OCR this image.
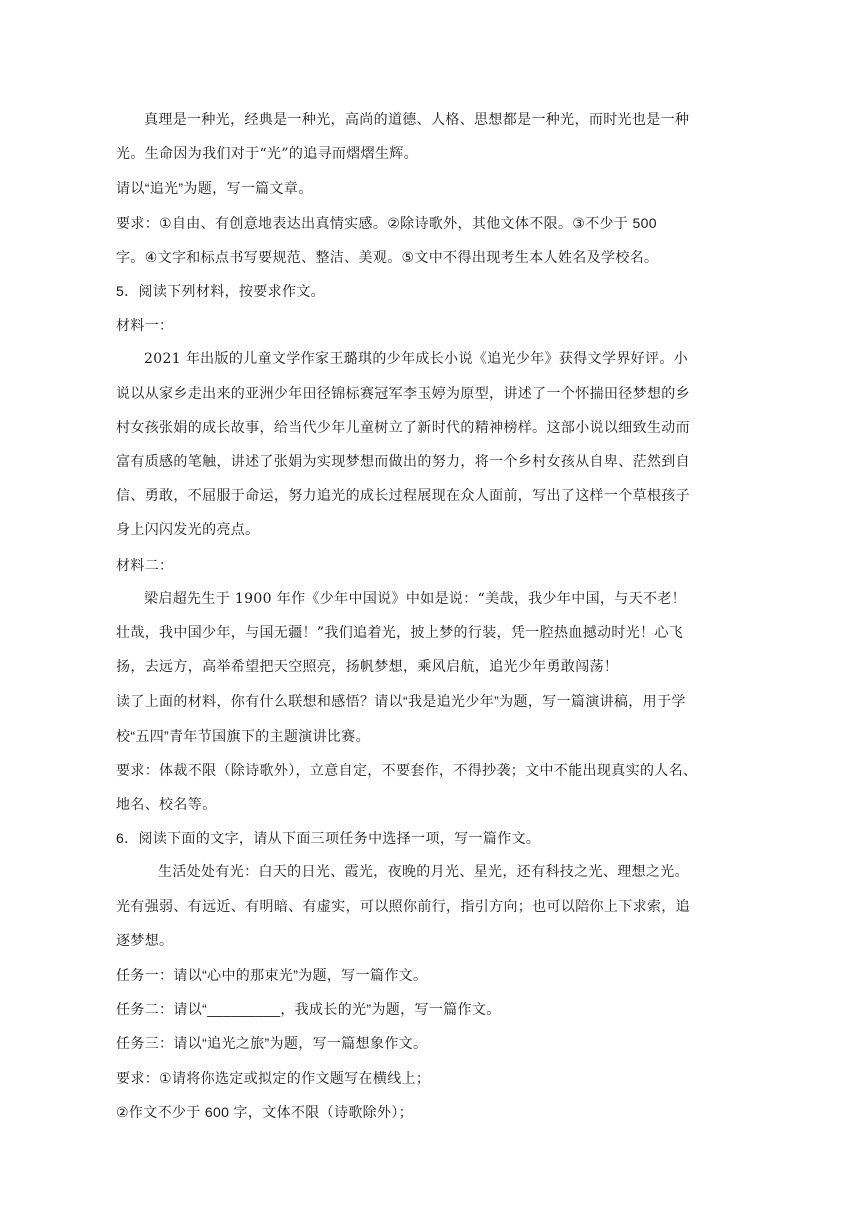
真理是一种光，经典是一种光，高尚的道德、人格、思想都是一种光，而时光也是一种
光。生命因为我们对于“光”的追寻而熠熠生辉。

请以“追光”为题，写一篇文章。

要求：①自由、有创意地表达出真情实感。②除诗歌外，其他文体不限。③不少于 500
字。④文字和标点书写要规范、整洁、美观。⑤文中不得出现考生本人姓名及学校名。

5．阅读下列材料，按要求作文。

材料一：

2021 年出版的儿童文学作家王璐琪的少年成长小说《追光少年》获得文学界好评。小
说以从家乡走出来的亚洲少年田径锦标赛冠军李玉婷为原型，讲述了一个怀揣田径梦想的乡
村女孩张娟的成长故事，给当代少年儿童树立了新时代的精神榜样。这部小说以细致生动而
富有质感的笔触，讲述了张娟为实现梦想而做出的努力，将一个乡村女孩从自卑、茫然到自
信、勇敢，不屈服于命运，努力追光的成长过程展现在众人面前，写出了这样一个草根孩子
身上闪闪发光的亮点。

材料二：

梁启超先生于 1900 年作《少年中国说》中如是说：“美哉，我少年中国，与天不老！
壮哉，我中国少年，与国无疆！”我们追着光，披上梦的行装，凭一腔热血撼动时光！心飞
扬，去远方，高举希望把天空照亮，扬帆梦想，乘风启航，追光少年勇敢闯荡！

读了上面的材料，你有什么联想和感悟？请以“我是追光少年”为题，写一篇演讲稿，用于学
校“五四”青年节国旗下的主题演讲比赛。

要求：体裁不限（除诗歌外），立意自定，不要套作，不得抄袭；文中不能出现真实的人名、
地名、校名等。

6．阅读下面的文字，请从下面三项任务中选择一项，写一篇作文。

生活处处有光：白天的日光、霞光，夜晚的月光、星光，还有科技之光、理想之光。
光有强弱、有远近、有明暗、有虚实，可以照你前行，指引方向；也可以陪你上下求索，追
逐梦想。

任务一：请以“心中的那束光”为题，写一篇作文。

任务二：请以“_________，我成长的光”为题，写一篇作文。

任务三：请以“追光之旅”为题，写一篇想象作文。

要求：①请将你选定或拟定的作文题写在横线上；

②作文不少于 600 字，文体不限（诗歌除外）；
